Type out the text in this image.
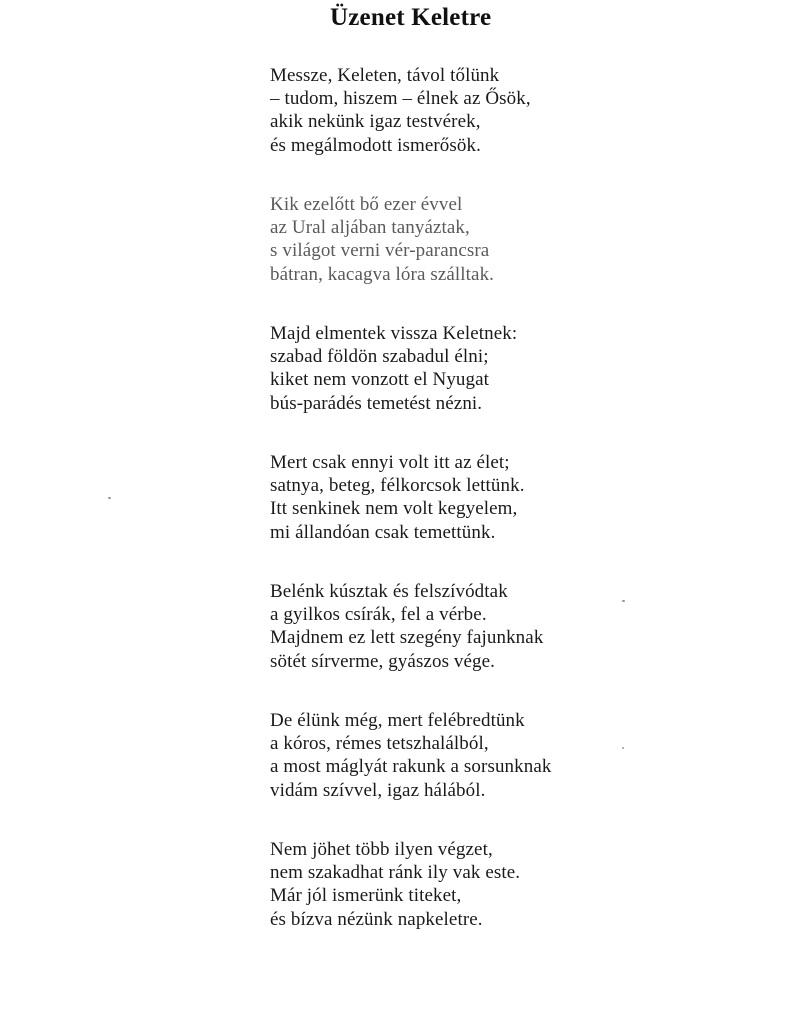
Üzenet Keletre
Messze, Keleten, távol tőlünk
– tudom, hiszem – élnek az Ősök,
akik nekünk igaz testvérek,
és megálmodott ismerősök.
Kik ezelőtt bő ezer évvel
az Ural aljában tanyáztak,
s világot verni vér-parancsra
bátran, kacagva lóra szálltak.
Majd elmentek vissza Keletnek:
szabad földön szabadul élni;
kiket nem vonzott el Nyugat
bús-parádés temetést nézni.
Mert csak ennyi volt itt az élet;
satnya, beteg, félkorcsok lettünk.
Itt senkinek nem volt kegyelem,
mi állandóan csak temettünk.
Belénk kúsztak és felszívódtak
a gyilkos csírák, fel a vérbe.
Majdnem ez lett szegény fajunknak
sötét sírverme, gyászos vége.
De élünk még, mert felébredtünk
a kóros, rémes tetszhalálból,
a most máglyát rakunk a sorsunknak
vidám szívvel, igaz hálából.
Nem jöhet több ilyen végzet,
nem szakadhat ránk ily vak este.
Már jól ismerünk titeket,
és bízva nézünk napkeletre.
